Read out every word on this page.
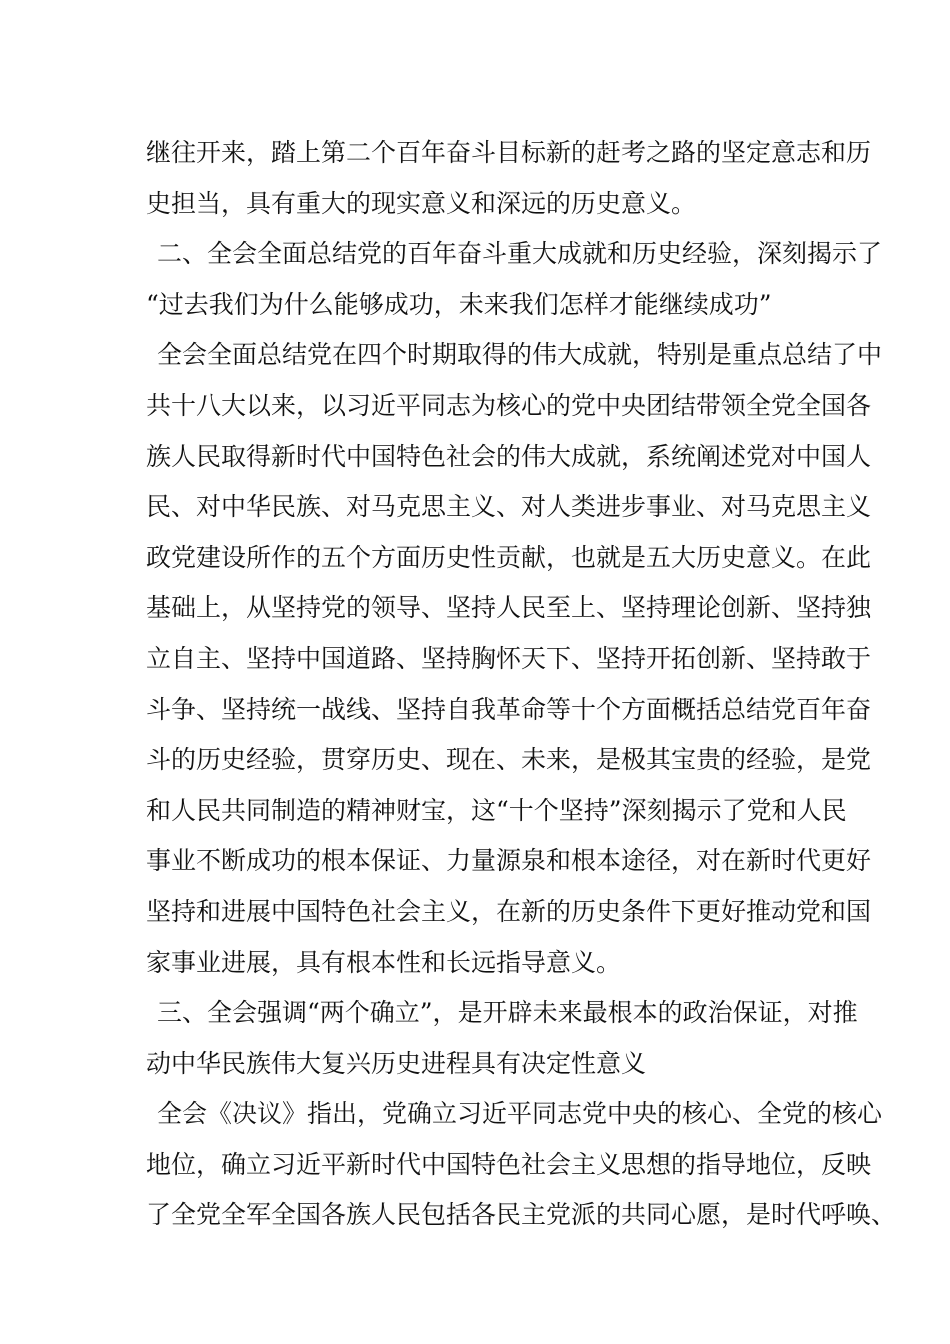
继往开来，踏上第二个百年奋斗目标新的赶考之路的坚定意志和历
史担当，具有重大的现实意义和深远的历史意义。
二、全会全面总结党的百年奋斗重大成就和历史经验，深刻揭示了
“过去我们为什么能够成功，未来我们怎样才能继续成功”
全会全面总结党在四个时期取得的伟大成就，特别是重点总结了中
共十八大以来，以习近平同志为核心的党中央团结带领全党全国各
族人民取得新时代中国特色社会的伟大成就，系统阐述党对中国人
民、对中华民族、对马克思主义、对人类进步事业、对马克思主义
政党建设所作的五个方面历史性贡献，也就是五大历史意义。在此
基础上，从坚持党的领导、坚持人民至上、坚持理论创新、坚持独
立自主、坚持中国道路、坚持胸怀天下、坚持开拓创新、坚持敢于
斗争、坚持统一战线、坚持自我革命等十个方面概括总结党百年奋
斗的历史经验，贯穿历史、现在、未来，是极其宝贵的经验，是党
和人民共同制造的精神财宝，这“十个坚持”深刻揭示了党和人民
事业不断成功的根本保证、力量源泉和根本途径，对在新时代更好
坚持和进展中国特色社会主义，在新的历史条件下更好推动党和国
家事业进展，具有根本性和长远指导意义。
三、全会强调“两个确立”，是开辟未来最根本的政治保证，对推
动中华民族伟大复兴历史进程具有决定性意义
全会《决议》指出，党确立习近平同志党中央的核心、全党的核心
地位，确立习近平新时代中国特色社会主义思想的指导地位，反映
了全党全军全国各族人民包括各民主党派的共同心愿，是时代呼唤、
